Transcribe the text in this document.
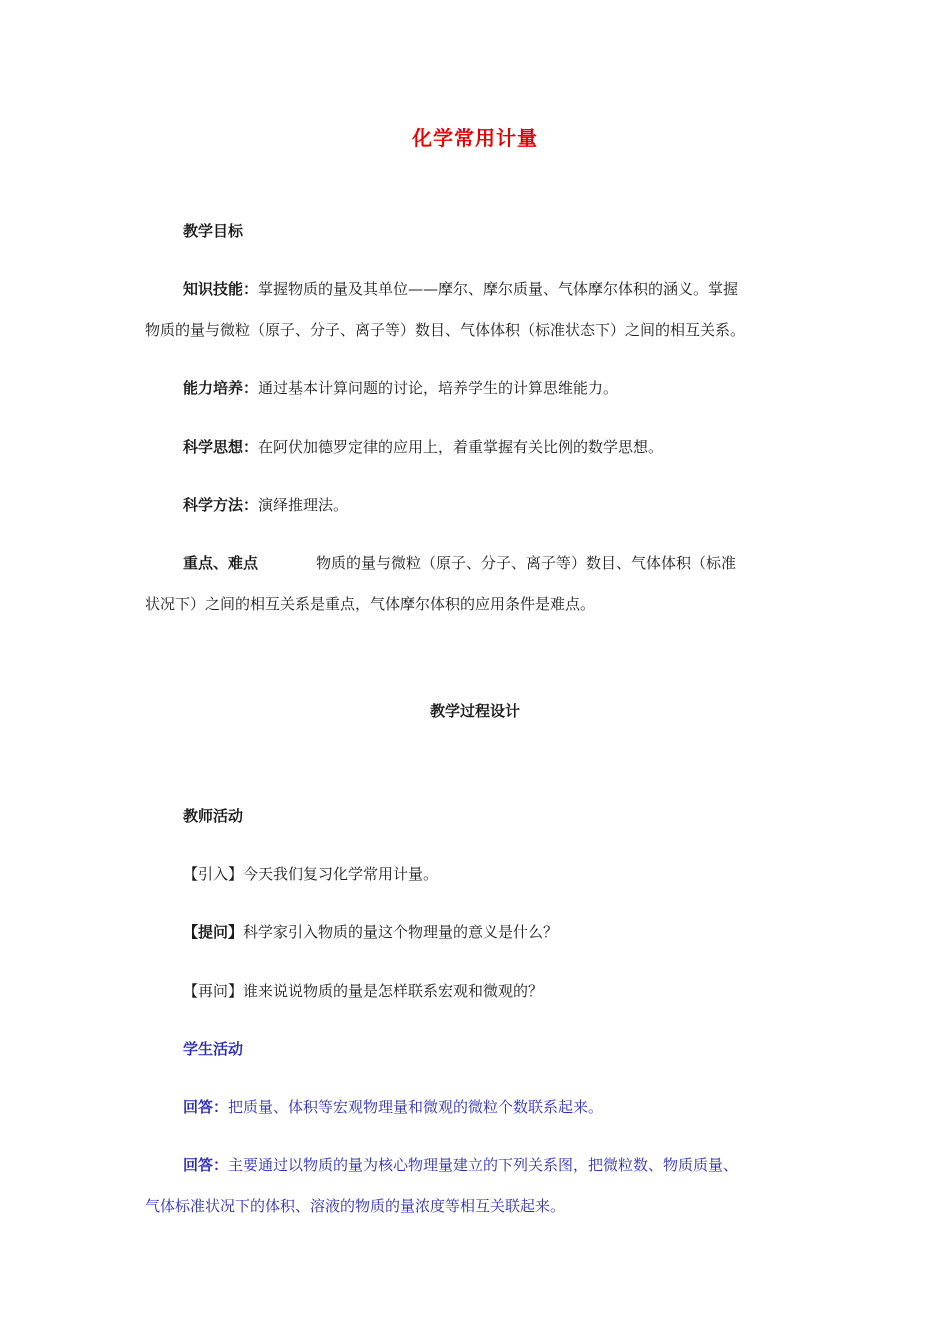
化学常用计量
教学目标
知识技能：掌握物质的量及其单位——摩尔、摩尔质量、气体摩尔体积的涵义。掌握
物质的量与微粒（原子、分子、离子等）数目、气体体积（标准状态下）之间的相互关系。
能力培养：通过基本计算问题的讨论，培养学生的计算思维能力。
科学思想：在阿伏加德罗定律的应用上，着重掌握有关比例的数学思想。
科学方法：演绎推理法。
重点、难点	物质的量与微粒（原子、分子、离子等）数目、气体体积（标准
状况下）之间的相互关系是重点，气体摩尔体积的应用条件是难点。
教学过程设计
教师活动
【引入】今天我们复习化学常用计量。
【提问】科学家引入物质的量这个物理量的意义是什么？
【再问】谁来说说物质的量是怎样联系宏观和微观的？
学生活动
回答：把质量、体积等宏观物理量和微观的微粒个数联系起来。
回答：主要通过以物质的量为核心物理量建立的下列关系图，把微粒数、物质质量、
气体标准状况下的体积、溶液的物质的量浓度等相互关联起来。
